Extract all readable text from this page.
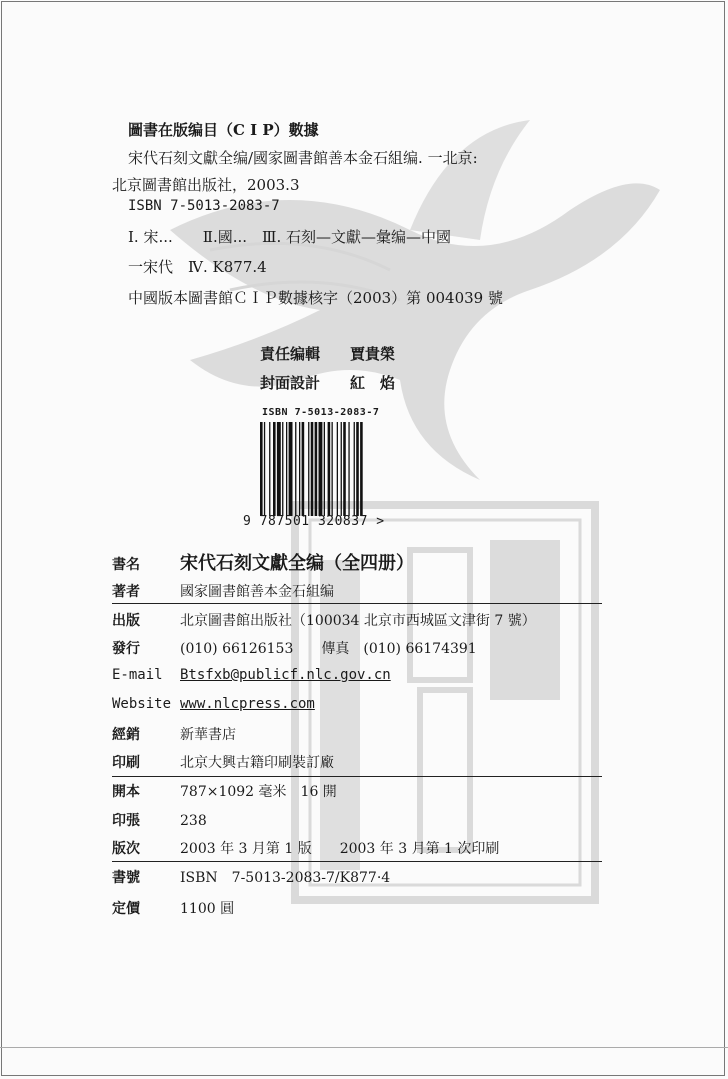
圖書在版编目（C I P）數據
宋代石刻文獻全编/國家圖書館善本金石組编. 一北京:
北京圖書館出版社，2003.3
ISBN 7-5013-2083-7
Ⅰ. 宋...　　Ⅱ.國...　Ⅲ. 石刻—文獻—彙编—中國
一宋代　Ⅳ. K877.4
中國版本圖書館ＣＩＰ數據核字（2003）第 004039 號
責任编輯 賈貴榮
封面設計 紅　焰
ISBN 7-5013-2083-7
9 787501 320837 >
書名 宋代石刻文獻全编（全四册）
著者	國家圖書館善本金石組编
出版	北京圖書館出版社（100034 北京市西城區文津街 7 號）
發行	(010) 66126153　　傳真　(010) 66174391
E-mail Btsfxb@publicf.nlc.gov.cn
Website www.nlcpress.com
經銷	新華書店
印刷	北京大興古籍印刷裝訂廠
開本	787×1092 毫米　16 開
印張	238
版次	2003 年 3 月第 1 版　　2003 年 3 月第 1 次印刷
書號	ISBN　7-5013-2083-7/K877·4
定價	1100 圓
